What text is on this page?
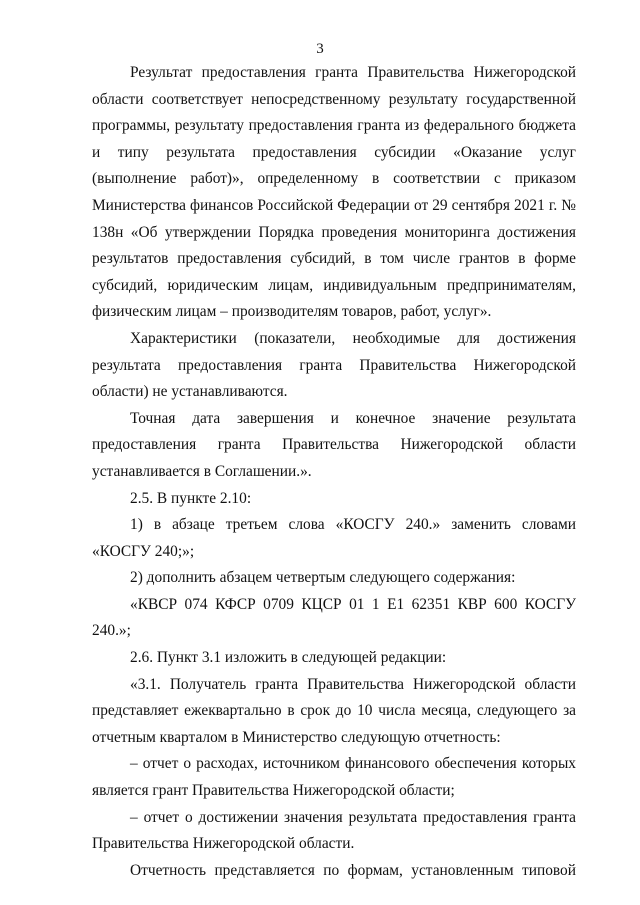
3

Результат предоставления гранта Правительства Нижегородской области соответствует непосредственному результату государственной программы, результату предоставления гранта из федерального бюджета и типу результата предоставления субсидии «Оказание услуг (выполнение работ)», определенному в соответствии с приказом Министерства финансов Российской Федерации от 29 сентября 2021 г. № 138н «Об утверждении Порядка проведения мониторинга достижения результатов предоставления субсидий, в том числе грантов в форме субсидий, юридическим лицам, индивидуальным предпринимателям, физическим лицам – производителям товаров, работ, услуг».

Характеристики (показатели, необходимые для достижения результата предоставления гранта Правительства Нижегородской области) не устанавливаются.

Точная дата завершения и конечное значение результата предоставления гранта Правительства Нижегородской области устанавливается в Соглашении.».

2.5. В пункте 2.10:

1) в абзаце третьем слова «КОСГУ 240.» заменить словами «КОСГУ 240;»;

2) дополнить абзацем четвертым следующего содержания:

«КВСР 074 КФСР 0709 КЦСР 01 1 Е1 62351 КВР 600 КОСГУ 240.»;

2.6. Пункт 3.1 изложить в следующей редакции:

«3.1. Получатель гранта Правительства Нижегородской области представляет ежеквартально в срок до 10 числа месяца, следующего за отчетным кварталом в Министерство следующую отчетность:

– отчет о расходах, источником финансового обеспечения которых является грант Правительства Нижегородской области;

– отчет о достижении значения результата предоставления гранта Правительства Нижегородской области.

Отчетность представляется по формам, установленным типовой
